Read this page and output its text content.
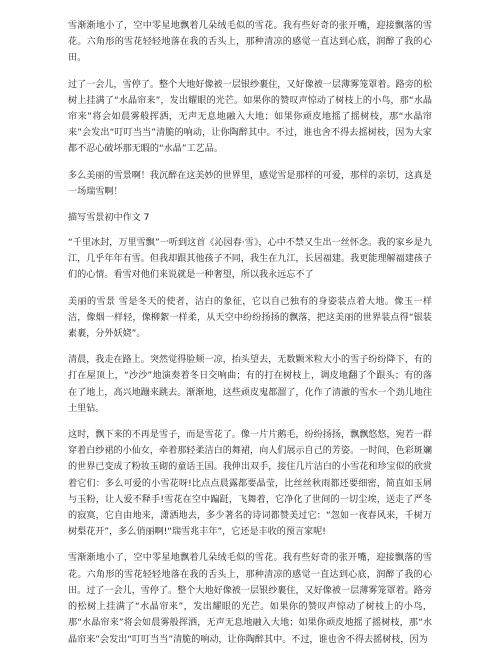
雪渐渐地小了，空中零星地飘着几朵绒毛似的雪花。我有些好奇的张开嘴，迎接飘落的雪花。六角形的雪花轻轻地落在我的舌头上，那种清凉的感觉一直达到心底，润醉了我的心田。

过了一会儿，雪停了。整个大地好像被一层银纱裹住，又好像被一层薄雾笼罩着。路旁的松树上挂满了“水晶帘来”，发出耀眼的光芒。如果你的赞叹声惊动了树枝上的小鸟，那“水晶帘来”将会如晨雾般挥洒，无声无息地融入大地；如果你顽皮地摇了摇树枝，那“水晶帘来”会发出“叮叮当当”清脆的响动，让你陶醉其中。不过，谁也舍不得去摇树枝，因为大家都不忍心破坏那无暇的“水晶”工艺品。

多么美丽的雪景啊！我沉醉在这美妙的世界里，感觉雪是那样的可爱，那样的亲切，这真是一场瑞雪啊！

描写雪景初中作文 7

“千里冰封，万里雪飘”一听到这首《沁园春·雪》，心中不禁又生出一丝怀念。我的家乡是九江，几乎年年有雪。但我却跟其他孩子不同，我生在九江，长居福建。我更能理解福建孩子们的心情。看雪对他们来说就是一种奢望，所以我永远忘不了

美丽的雪景 雪是冬天的使者，洁白的象征，它以自己独有的身姿装点着大地。像玉一样洁，像烟一样轻，像柳絮一样柔，从天空中纷纷扬扬的飘落，把这美丽的世界装点得“银装素裹，分外妖娆”。

清晨，我走在路上。突然觉得脸颊一凉，抬头望去，无数颗米粒大小的雪子纷纷降下，有的打在屋顶上，“沙沙”地演奏着冬日交响曲；有的打在树枝上，调皮地翻了个跟头；有的落在了地上，高兴地蹦来跳去。渐渐地，这些顽皮鬼都溜了，化作了清澈的雪水一个劲儿地往土里钻。

这时，飘下来的不再是雪子，而是雪花了。像一片片鹅毛，纷纷扬扬，飘飘悠悠，宛若一群穿着白纱裙的小仙女，牵着那轻柔洁白的舞裙，向人们展示自己的芳姿。一时间，色彩斑斓的世界已变成了粉妆玉砌的童话王国。我伸出双手，接住几片洁白的小雪花和珍宝似的欣赏着它们：多么可爱的小雪花呀!比点点晨露都要晶莹，比丝丝秋雨都还要细密，简直如玉屑与玉粉，让人爱不释手!雪花在空中蹁跹，飞舞着，它净化了世间的一切尘埃，送走了严冬的寂寞，它自由地来，潇洒地去，多少著名的诗词都赞美过它：“忽如一夜春风来，千树万树梨花开”，多么俏丽啊!“瑞雪兆丰年”，它还是丰收的预言家呢!

雪渐渐地小了，空中零星地飘着几朵绒毛似的雪花。我有些好奇的张开嘴，迎接飘落的雪花。六角形的雪花轻轻地落在我的舌头上，那种清凉的感觉一直达到心底，润醉了我的心田。过了一会儿，雪停了。整个大地好像被一层银纱裹住，又好像被一层薄雾笼罩着。路旁的松树上挂满了“水晶帘来”，发出耀眼的光芒。如果你的赞叹声惊动了树枝上的小鸟，那“水晶帘来”将会如晨雾般挥洒，无声无息地融入大地；如果你顽皮地摇了摇树枝，那“水晶帘来”会发出“叮叮当当”清脆的响动，让你陶醉其中。不过，谁也舍不得去摇树枝，因为
